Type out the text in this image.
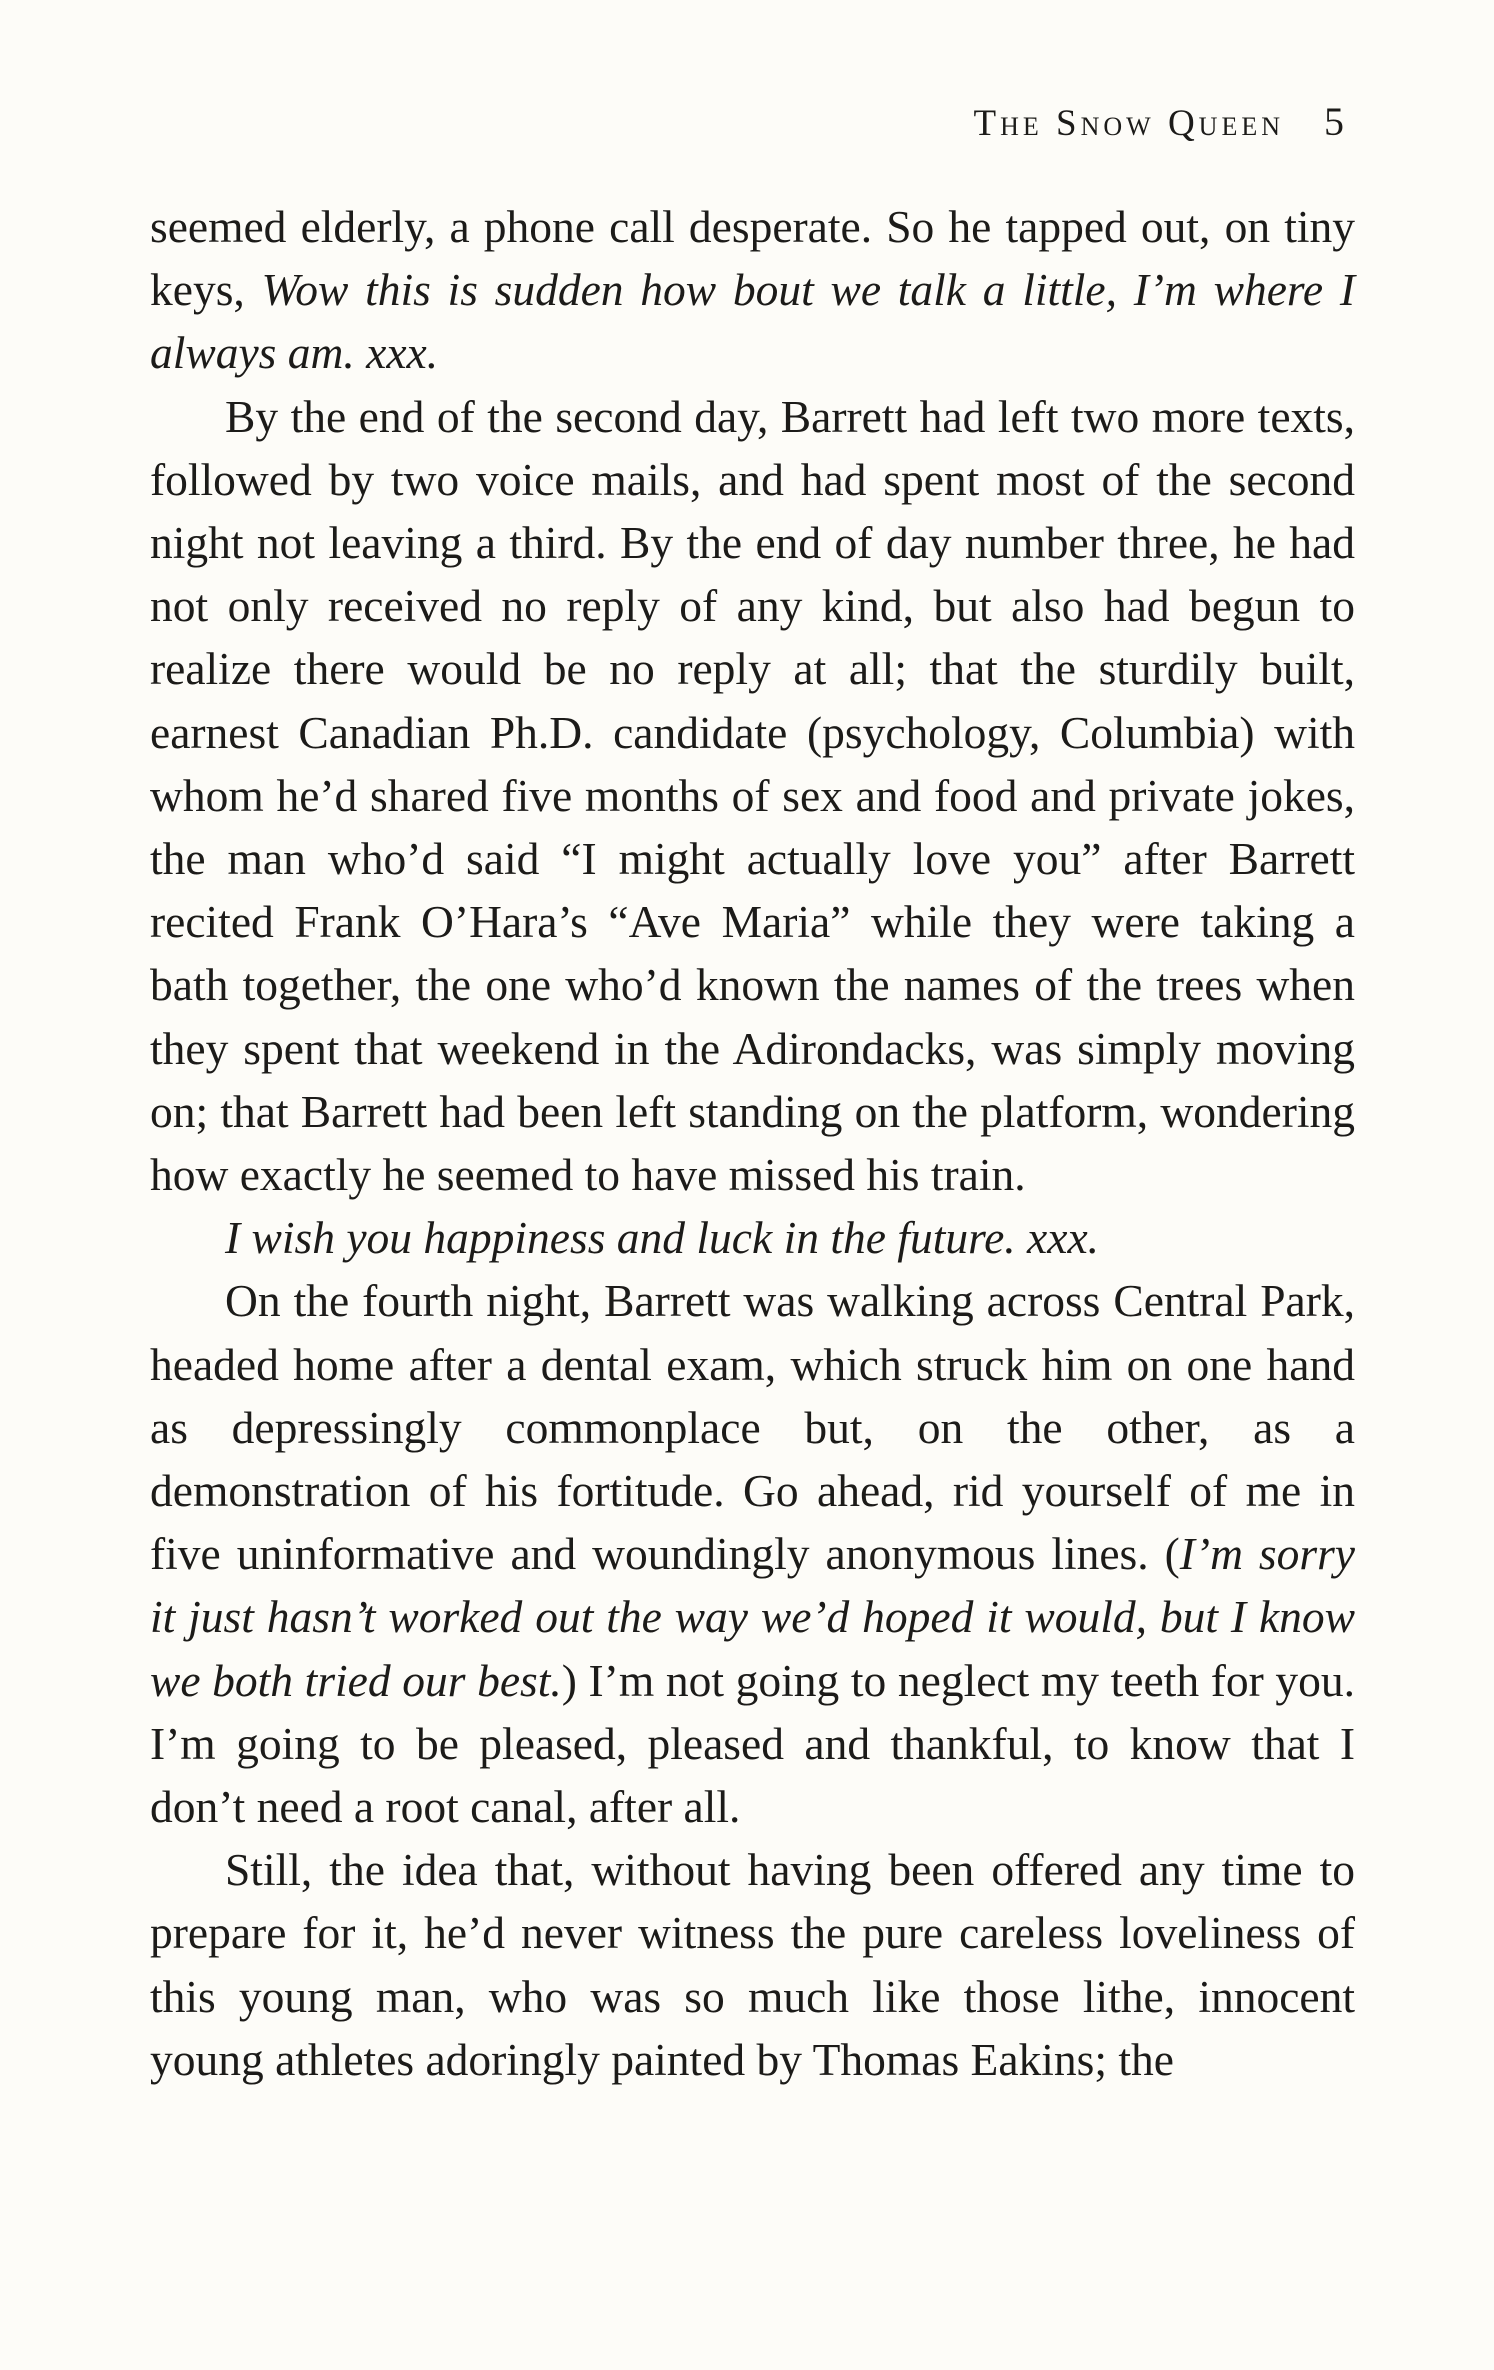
The Snow Queen 5

seemed elderly, a phone call desperate. So he tapped out, on tiny keys, Wow this is sudden how bout we talk a little, I’m where I always am. xxx.

By the end of the second day, Barrett had left two more texts, followed by two voice mails, and had spent most of the second night not leaving a third. By the end of day number three, he had not only received no reply of any kind, but also had begun to realize there would be no reply at all; that the sturdily built, earnest Canadian Ph.D. candidate (psychology, Columbia) with whom he’d shared five months of sex and food and private jokes, the man who’d said “I might actually love you” after Barrett recited Frank O’Hara’s “Ave Maria” while they were taking a bath together, the one who’d known the names of the trees when they spent that weekend in the Adirondacks, was simply moving on; that Barrett had been left standing on the platform, wondering how exactly he seemed to have missed his train.

I wish you happiness and luck in the future. xxx.

On the fourth night, Barrett was walking across Central Park, headed home after a dental exam, which struck him on one hand as depressingly commonplace but, on the other, as a demonstration of his fortitude. Go ahead, rid yourself of me in five uninformative and woundingly anonymous lines. (I’m sorry it just hasn’t worked out the way we’d hoped it would, but I know we both tried our best.) I’m not going to neglect my teeth for you. I’m going to be pleased, pleased and thankful, to know that I don’t need a root canal, after all.

Still, the idea that, without having been offered any time to prepare for it, he’d never witness the pure careless loveliness of this young man, who was so much like those lithe, innocent young athletes adoringly painted by Thomas Eakins; the
